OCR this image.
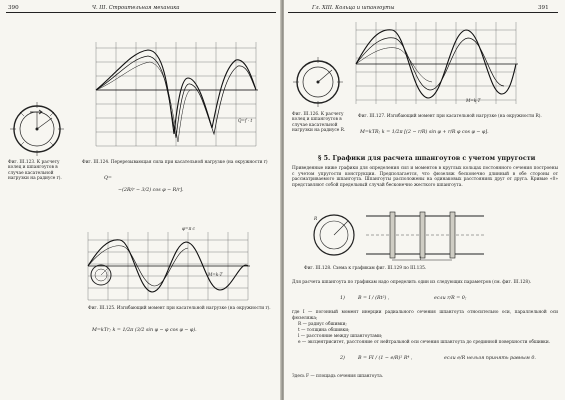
390	Ч. III. Строительная механика
Фиг. III.123. К расчету колец и шпангоутов в случае касательной нагрузки на радиусе r).
Q=f · t
Фиг. III.124. Перерезывающая сила при касательной нагрузке (на окружности r)
Q=
−(2R/r − 3/2) cos φ − R/r].
φ=π с
M=k·T
Фиг. III.125. Изгибающий момент при касательной нагрузке (на окружности r).
M=kTr; k = 1/2π (3/2 sin φ − φ cos φ − φ).
Гл. XIII. Кольца и шпангоуты	391
Фиг. III.126. К расчету колец и шпангоутов в случае касательной нагрузки на радиусе R.
M=k·T
Фиг. III.127. Изгибающий момент при касательной нагрузке (на окружности R).
M=kTR; k = 1/2π [(2 − r/R) sin φ + r/R φ cos φ − φ].
§ 5. Графики для расчета шпангоутов с учетом упругости
Приведенные ниже графики для определения сил и моментов в круглых кольцах постоянного сечения построены с учетом упругости конструкции. Предполагается, что фюзеляж бесконечно длинный в обе стороны от рассматриваемого шпангоута. Шпангоуты расположены на одинаковых расстояниях друг от друга. Кривые «0» представляют собой предельный случай бесконечно жесткого шпангоута.
R
l
Фиг. III.128. Схема к графикам фиг. III.129 по III.135.
Для расчета шпангоута по графикам надо определить один из следующих параметров (см. фиг. III.128).
1)	B = I / (Rt²) ,	если r/R = 0;
где I — погонный момент инерции радиального сечения шпангоута относительно оси, параллельной оси фюзеляжа;
R — радиус обшивки;
t — толщина обшивки;
l — расстояние между шпангоутами;
e — эксцентриситет, расстояние от нейтральной оси сечения шпангоута до срединной поверхности обшивки.
2)	B = FI / (1 − e/R)² R⁴ ,	если e/R нельзя принять равным 0.
Здесь F — площадь сечения шпангоута.
